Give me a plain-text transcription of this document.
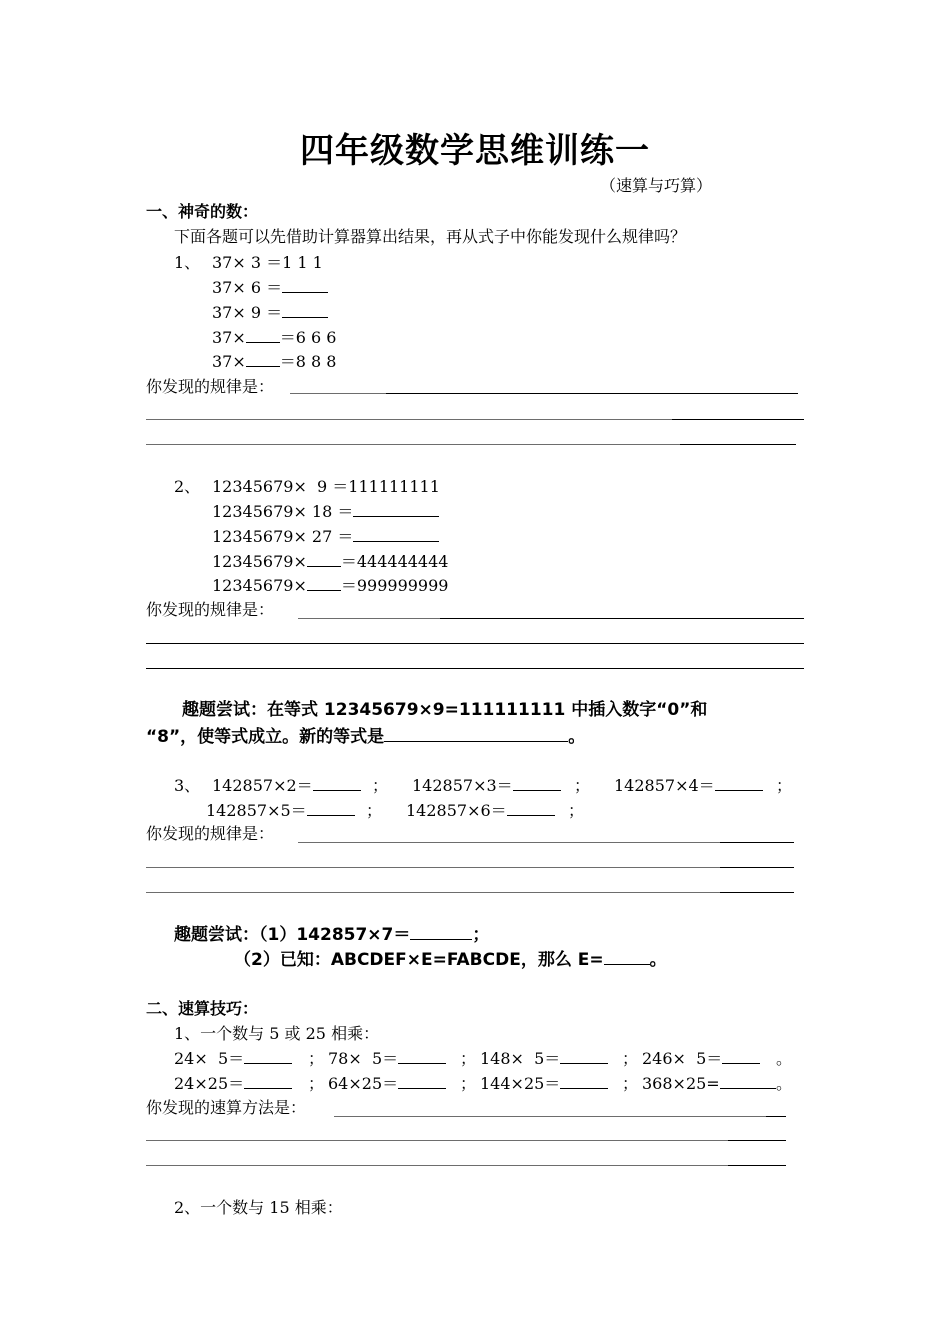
四年级数学思维训练一
（速算与巧算）
一、神奇的数：
下面各题可以先借助计算器算出结果，再从式子中你能发现什么规律吗？
1、 37× 3 ＝1 1 1
37× 6 ＝
37× 9 ＝
37× ＝6 6 6
37× ＝8 8 8
你发现的规律是：
2、 12345679×  9 ＝111111111
12345679× 18 ＝
12345679× 27 ＝
12345679× ＝444444444
12345679× ＝999999999
你发现的规律是：
趣题尝试：在等式 12345679×9=111111111 中插入数字“0”和
“8”，使等式成立。新的等式是	。
3、 142857×2＝	； 142857×3＝	； 142857×4＝	；
142857×5＝	； 142857×6＝	；
你发现的规律是：
趣题尝试：（1）142857×7＝	；
（2）已知：ABCDEF×E=FABCDE，那么 E=	。
二、速算技巧：
1、一个数与 5 或 25 相乘：
24×  5＝	； 78×  5＝	； 148×  5＝	； 246×  5＝	。
24×25＝	； 64×25＝	； 144×25＝	； 368×25=	。
你发现的速算方法是：
2、一个数与 15 相乘：
